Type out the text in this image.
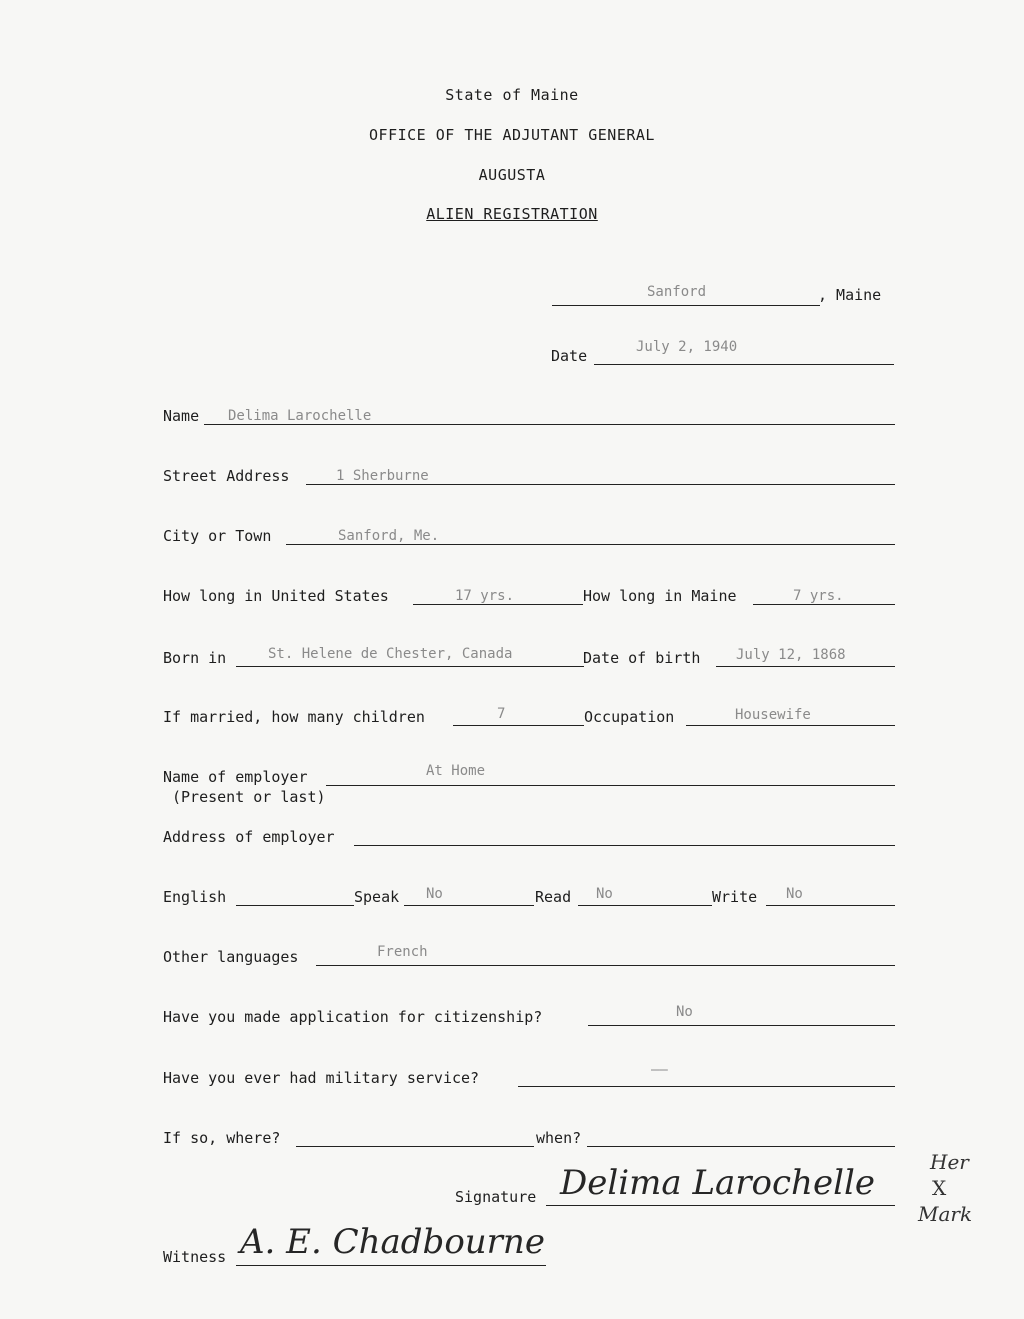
State of Maine
OFFICE OF THE ADJUTANT GENERAL
AUGUSTA
ALIEN REGISTRATION
Sanford	, Maine
Date	July 2, 1940
Name Delima Larochelle
Street Address	1 Sherburne
City or Town	Sanford, Me.
How long in United States	17 yrs.	How long in Maine	7 yrs.
Born in	St. Helene de Chester, Canada	Date of birth	July 12, 1868
If married, how many children	7	Occupation	Housewife
Name of employer	At Home
(Present or last)
Address of employer
English	Speak No	Read No	Write No
Other languages	French
Have you made application for citizenship?	No
Have you ever had military service?	——
If so, where?	when?
Signature Delima Larochelle
Her
X
Mark
Witness A. E. Chadbourne
